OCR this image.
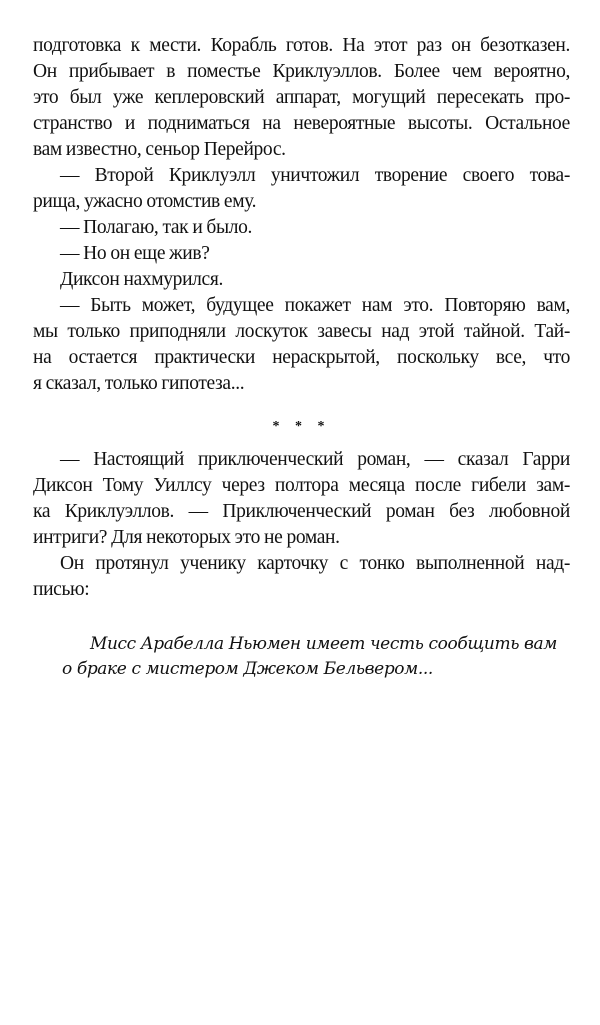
подготовка к мести. Корабль готов. На этот раз он безотказен.
Он прибывает в поместье Криклуэллов. Более чем вероятно,
это был уже кеплеровский аппарат, могущий пересекать про-
странство и подниматься на невероятные высоты. Остальное
вам известно, сеньор Перейрос.

— Второй Криклуэлл уничтожил творение своего това-
рища, ужасно отомстив ему.

— Полагаю, так и было.

— Но он еще жив?

Диксон нахмурился.

— Быть может, будущее покажет нам это. Повторяю вам,
мы только приподняли лоскуток завесы над этой тайной. Тай-
на остается практически нераскрытой, поскольку все, что
я сказал, только гипотеза...

* * *

— Настоящий приключенческий роман, — сказал Гарри
Диксон Тому Уиллсу через полтора месяца после гибели зам-
ка Криклуэллов. — Приключенческий роман без любовной
интриги? Для некоторых это не роман.

Он протянул ученику карточку с тонко выполненной над-
писью:

Мисс Арабелла Ньюмен имеет честь сообщить вам
о браке с мистером Джеком Бельвером...
